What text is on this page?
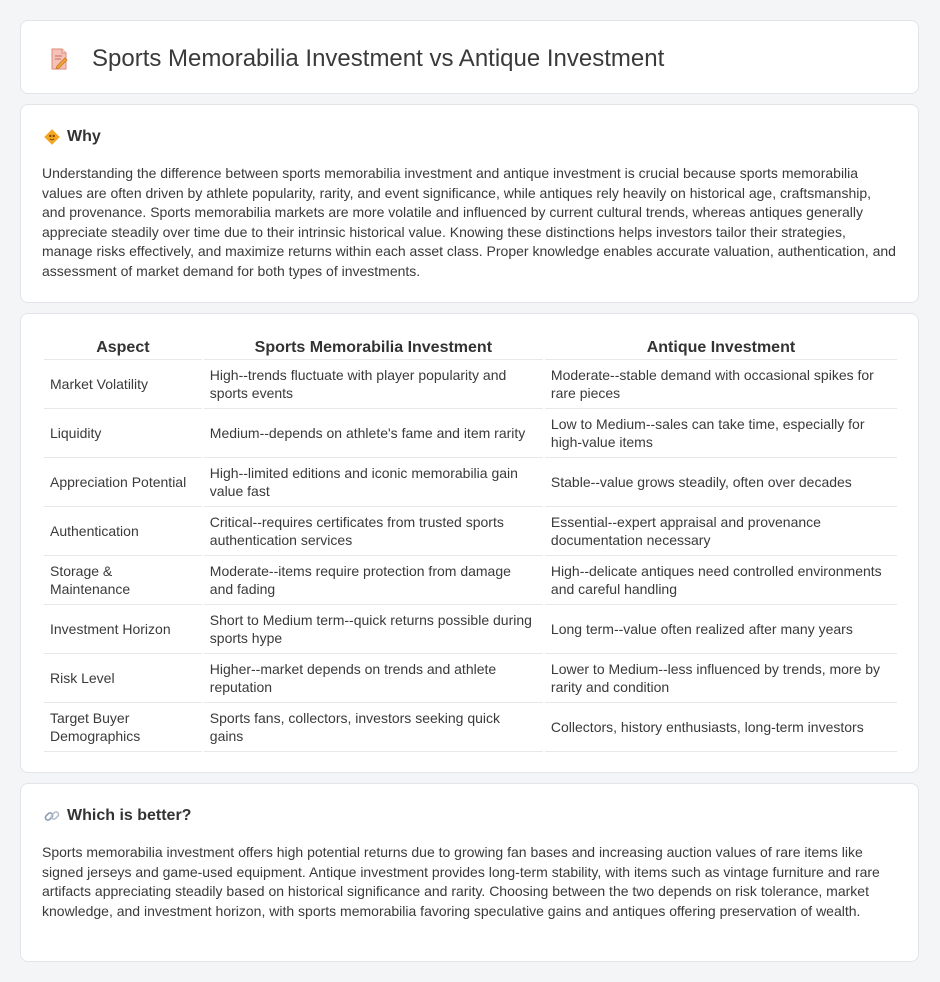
Sports Memorabilia Investment vs Antique Investment
Why

Understanding the difference between sports memorabilia investment and antique investment is crucial because sports memorabilia values are often driven by athlete popularity, rarity, and event significance, while antiques rely heavily on historical age, craftsmanship, and provenance. Sports memorabilia markets are more volatile and influenced by current cultural trends, whereas antiques generally appreciate steadily over time due to their intrinsic historical value. Knowing these distinctions helps investors tailor their strategies, manage risks effectively, and maximize returns within each asset class. Proper knowledge enables accurate valuation, authentication, and assessment of market demand for both types of investments.

Aspect	Sports Memorabilia Investment	Antique Investment
Market Volatility	High--trends fluctuate with player popularity and sports events	Moderate--stable demand with occasional spikes for rare pieces
Liquidity	Medium--depends on athlete's fame and item rarity	Low to Medium--sales can take time, especially for high-value items
Appreciation Potential	High--limited editions and iconic memorabilia gain value fast	Stable--value grows steadily, often over decades
Authentication	Critical--requires certificates from trusted sports authentication services	Essential--expert appraisal and provenance documentation necessary
Storage & Maintenance	Moderate--items require protection from damage and fading	High--delicate antiques need controlled environments and careful handling
Investment Horizon	Short to Medium term--quick returns possible during sports hype	Long term--value often realized after many years
Risk Level	Higher--market depends on trends and athlete reputation	Lower to Medium--less influenced by trends, more by rarity and condition
Target Buyer Demographics	Sports fans, collectors, investors seeking quick gains	Collectors, history enthusiasts, long-term investors
Which is better?

Sports memorabilia investment offers high potential returns due to growing fan bases and increasing auction values of rare items like signed jerseys and game-used equipment. Antique investment provides long-term stability, with items such as vintage furniture and rare artifacts appreciating steadily based on historical significance and rarity. Choosing between the two depends on risk tolerance, market knowledge, and investment horizon, with sports memorabilia favoring speculative gains and antiques offering preservation of wealth.
